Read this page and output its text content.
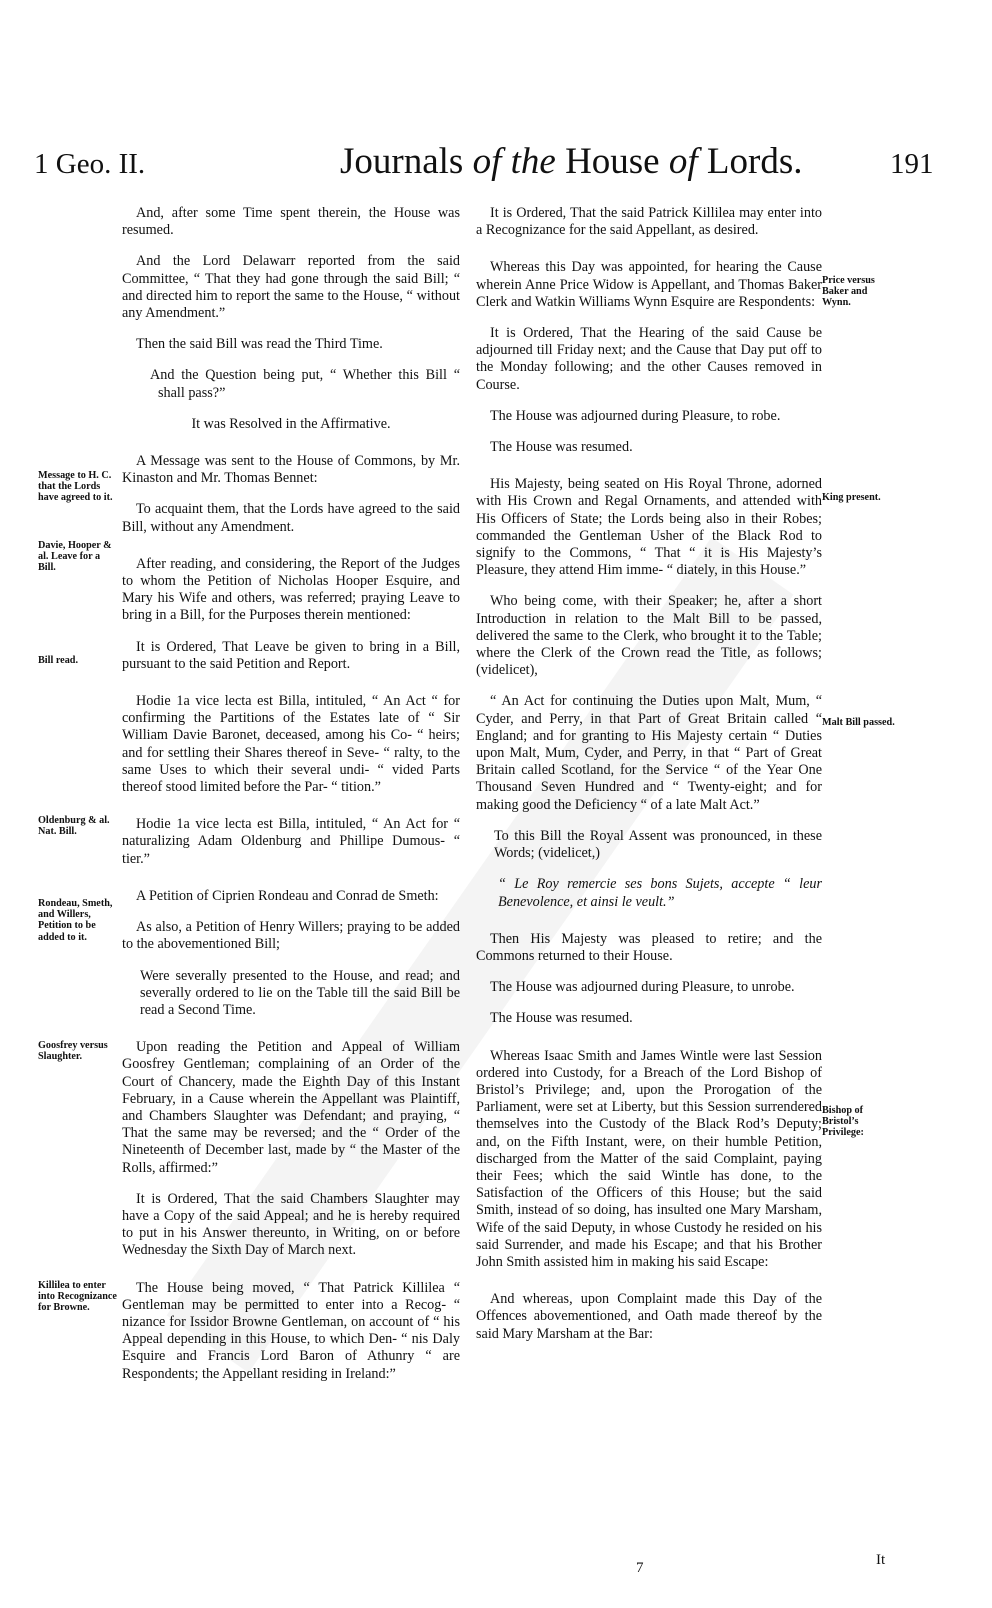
1 Geo. II.	Journals of the House of Lords.	191
Message to H. C. that the Lords have agreed to it.
Davie, Hooper & al. Leave for a Bill.
Bill read.
Oldenburg & al. Nat. Bill.
Rondeau, Smeth, and Willers, Petition to be added to it.
Goosfrey versus Slaughter.
Killilea to enter into Recognizance for Browne.
Price versus Baker and Wynn.
King present.
Malt Bill passed.
Bishop of Bristol’s Privilege:

And, after some Time spent therein, the House was resumed.

And the Lord Delawarr reported from the said Committee, “ That they had gone through the said Bill; “ and directed him to report the same to the House, “ without any Amendment.”

Then the said Bill was read the Third Time.

And the Question being put, “ Whether this Bill “ shall pass?”

It was Resolved in the Affirmative.

A Message was sent to the House of Commons, by Mr. Kinaston and Mr. Thomas Bennet:

To acquaint them, that the Lords have agreed to the said Bill, without any Amendment.

After reading, and considering, the Report of the Judges to whom the Petition of Nicholas Hooper Esquire, and Mary his Wife and others, was referred; praying Leave to bring in a Bill, for the Purposes therein mentioned:

It is Ordered, That Leave be given to bring in a Bill, pursuant to the said Petition and Report.

Hodie 1a vice lecta est Billa, intituled, “ An Act “ for confirming the Partitions of the Estates late of “ Sir William Davie Baronet, deceased, among his Co- “ heirs; and for settling their Shares thereof in Seve- “ ralty, to the same Uses to which their several undi- “ vided Parts thereof stood limited before the Par- “ tition.”

Hodie 1a vice lecta est Billa, intituled, “ An Act for “ naturalizing Adam Oldenburg and Phillipe Dumous- “ tier.”

A Petition of Ciprien Rondeau and Conrad de Smeth:

As also, a Petition of Henry Willers; praying to be added to the abovementioned Bill;

Were severally presented to the House, and read; and severally ordered to lie on the Table till the said Bill be read a Second Time.

Upon reading the Petition and Appeal of William Goosfrey Gentleman; complaining of an Order of the Court of Chancery, made the Eighth Day of this Instant February, in a Cause wherein the Appellant was Plaintiff, and Chambers Slaughter was Defendant; and praying, “ That the same may be reversed; and the “ Order of the Nineteenth of December last, made by “ the Master of the Rolls, affirmed:”

It is Ordered, That the said Chambers Slaughter may have a Copy of the said Appeal; and he is hereby required to put in his Answer thereunto, in Writing, on or before Wednesday the Sixth Day of March next.

The House being moved, “ That Patrick Killilea “ Gentleman may be permitted to enter into a Recog- “ nizance for Issidor Browne Gentleman, on account of “ his Appeal depending in this House, to which Den- “ nis Daly Esquire and Francis Lord Baron of Athunry “ are Respondents; the Appellant residing in Ireland:”

It is Ordered, That the said Patrick Killilea may enter into a Recognizance for the said Appellant, as desired.

Whereas this Day was appointed, for hearing the Cause wherein Anne Price Widow is Appellant, and Thomas Baker Clerk and Watkin Williams Wynn Esquire are Respondents:

It is Ordered, That the Hearing of the said Cause be adjourned till Friday next; and the Cause that Day put off to the Monday following; and the other Causes removed in Course.

The House was adjourned during Pleasure, to robe.

The House was resumed.

His Majesty, being seated on His Royal Throne, adorned with His Crown and Regal Ornaments, and attended with His Officers of State; the Lords being also in their Robes; commanded the Gentleman Usher of the Black Rod to signify to the Commons, “ That “ it is His Majesty’s Pleasure, they attend Him imme- “ diately, in this House.”

Who being come, with their Speaker; he, after a short Introduction in relation to the Malt Bill to be passed, delivered the same to the Clerk, who brought it to the Table; where the Clerk of the Crown read the Title, as follows; (videlicet),

“ An Act for continuing the Duties upon Malt, Mum, “ Cyder, and Perry, in that Part of Great Britain called “ England; and for granting to His Majesty certain “ Duties upon Malt, Mum, Cyder, and Perry, in that “ Part of Great Britain called Scotland, for the Service “ of the Year One Thousand Seven Hundred and “ Twenty-eight; and for making good the Deficiency “ of a late Malt Act.”

To this Bill the Royal Assent was pronounced, in these Words; (videlicet,)

“ Le Roy remercie ses bons Sujets, accepte “ leur Benevolence, et ainsi le veult.”

Then His Majesty was pleased to retire; and the Commons returned to their House.

The House was adjourned during Pleasure, to unrobe.

The House was resumed.

Whereas Isaac Smith and James Wintle were last Session ordered into Custody, for a Breach of the Lord Bishop of Bristol’s Privilege; and, upon the Prorogation of the Parliament, were set at Liberty, but this Session surrendered themselves into the Custody of the Black Rod’s Deputy; and, on the Fifth Instant, were, on their humble Petition, discharged from the Matter of the said Complaint, paying their Fees; which the said Wintle has done, to the Satisfaction of the Officers of this House; but the said Smith, instead of so doing, has insulted one Mary Marsham, Wife of the said Deputy, in whose Custody he resided on his said Surrender, and made his Escape; and that his Brother John Smith assisted him in making his said Escape:

And whereas, upon Complaint made this Day of the Offences abovementioned, and Oath made thereof by the said Mary Marsham at the Bar:

7	It
